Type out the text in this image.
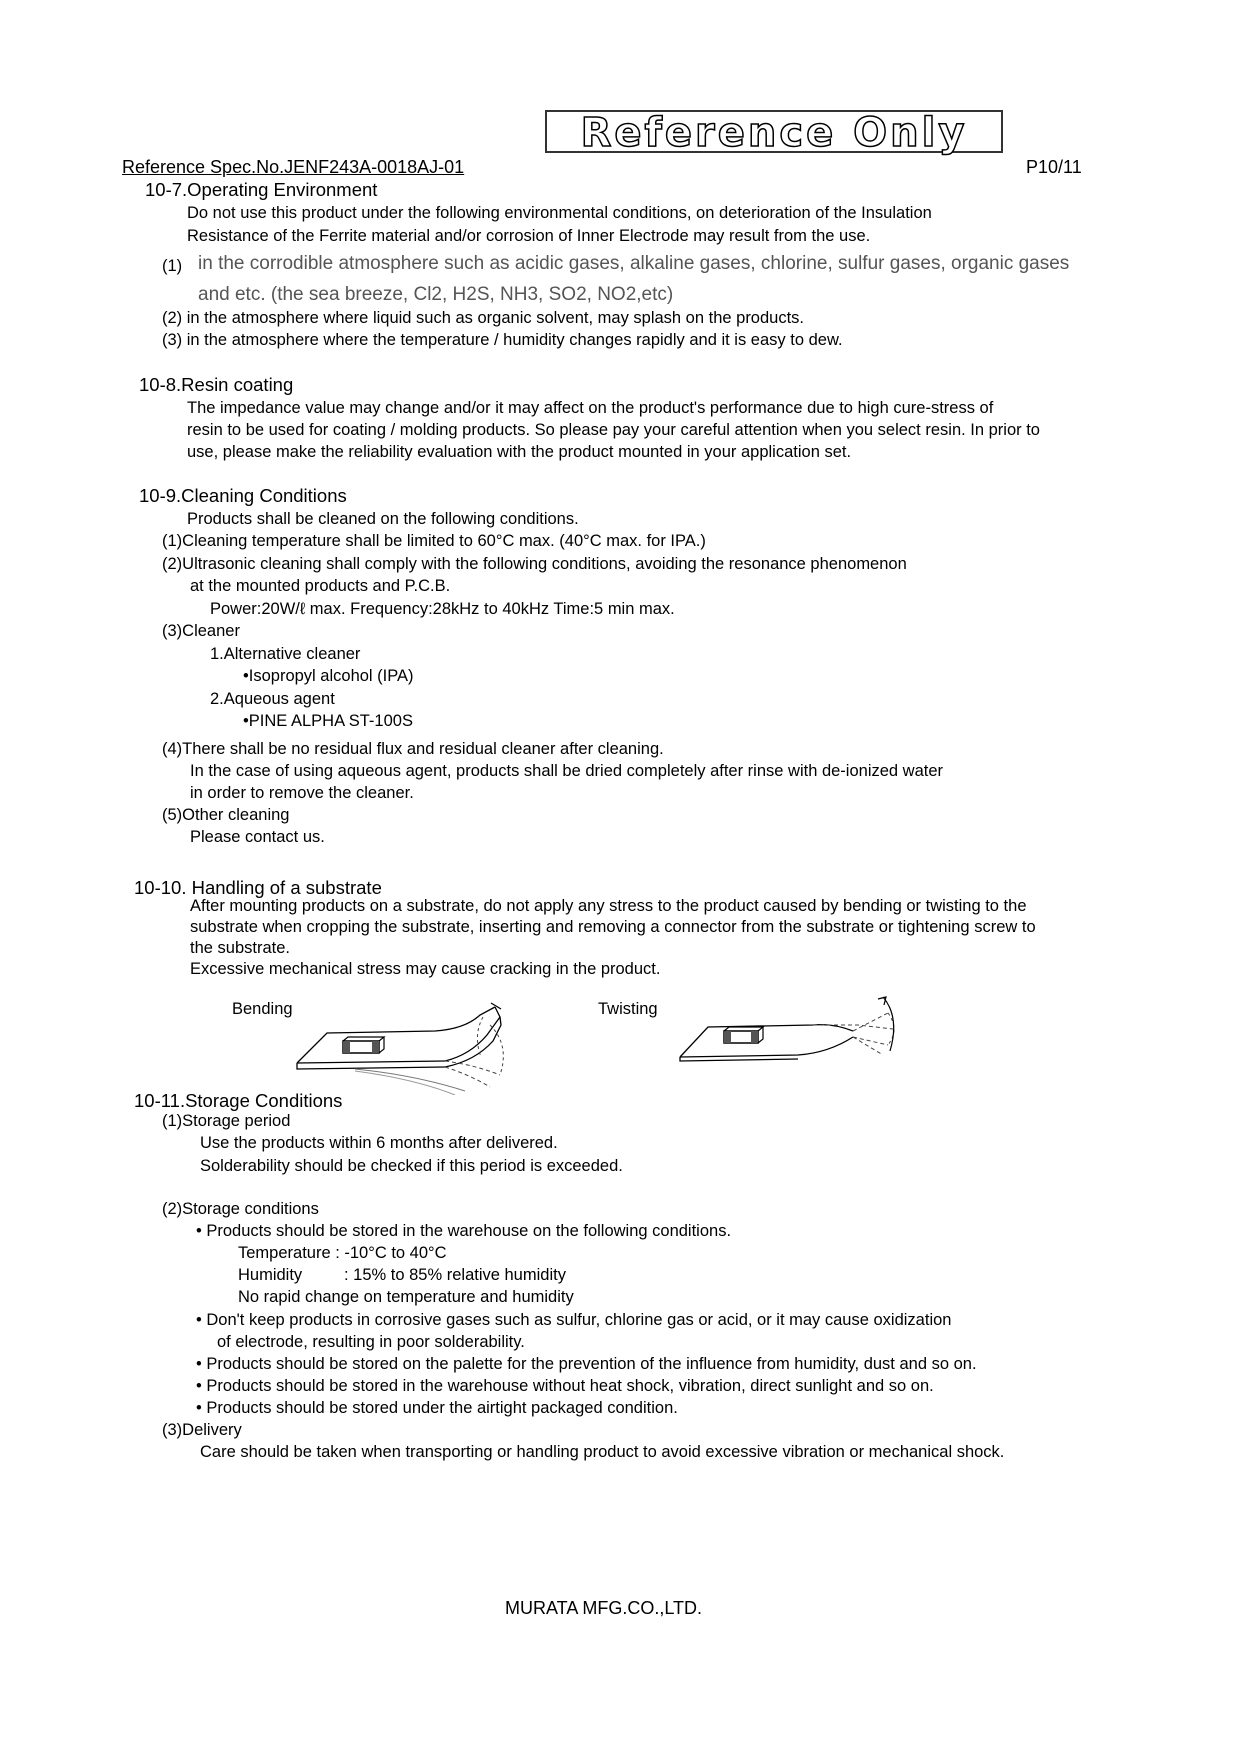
Reference Only
Reference Spec.No.JENF243A-0018AJ-01	P10/11
10-7.Operating Environment
Do not use this product under the following environmental conditions, on deterioration of the Insulation
Resistance of the Ferrite material and/or corrosion of Inner Electrode may result from the use.
(1) in the corrodible atmosphere such as acidic gases, alkaline gases, chlorine, sulfur gases, organic gases
and etc. (the sea breeze, Cl2, H2S, NH3, SO2, NO2,etc)
(2) in the atmosphere where liquid such as organic solvent, may splash on the products.
(3) in the atmosphere where the temperature / humidity changes rapidly and it is easy to dew.
10-8.Resin coating
The impedance value may change and/or it may affect on the product's performance due to high cure-stress of
resin to be used for coating / molding products. So please pay your careful attention when you select resin. In prior to
use, please make the reliability evaluation with the product mounted in your application set.
10-9.Cleaning Conditions
Products shall be cleaned on the following conditions.
(1)Cleaning temperature shall be limited to 60°C max. (40°C max. for IPA.)
(2)Ultrasonic cleaning shall comply with the following conditions, avoiding the resonance phenomenon
at the mounted products and P.C.B.
Power:20W/ℓ max. Frequency:28kHz to 40kHz Time:5 min max.
(3)Cleaner
1.Alternative cleaner
•Isopropyl alcohol (IPA)
2.Aqueous agent
•PINE ALPHA ST-100S
(4)There shall be no residual flux and residual cleaner after cleaning.
In the case of using aqueous agent, products shall be dried completely after rinse with de-ionized water
in order to remove the cleaner.
(5)Other cleaning
Please contact us.
10-10. Handling of a substrate
After mounting products on a substrate, do not apply any stress to the product caused by bending or twisting to the
substrate when cropping the substrate, inserting and removing a connector from the substrate or tightening screw to
the substrate.
Excessive mechanical stress may cause cracking in the product.
Bending	Twisting
10-11.Storage Conditions
(1)Storage period
Use the products within 6 months after delivered.
Solderability should be checked if this period is exceeded.
(2)Storage conditions
• Products should be stored in the warehouse on the following conditions.
Temperature : -10°C to 40°C
Humidity	: 15% to 85% relative humidity
No rapid change on temperature and humidity
• Don't keep products in corrosive gases such as sulfur, chlorine gas or acid, or it may cause oxidization
of electrode, resulting in poor solderability.
• Products should be stored on the palette for the prevention of the influence from humidity, dust and so on.
• Products should be stored in the warehouse without heat shock, vibration, direct sunlight and so on.
• Products should be stored under the airtight packaged condition.
(3)Delivery
Care should be taken when transporting or handling product to avoid excessive vibration or mechanical shock.
MURATA MFG.CO.,LTD.
